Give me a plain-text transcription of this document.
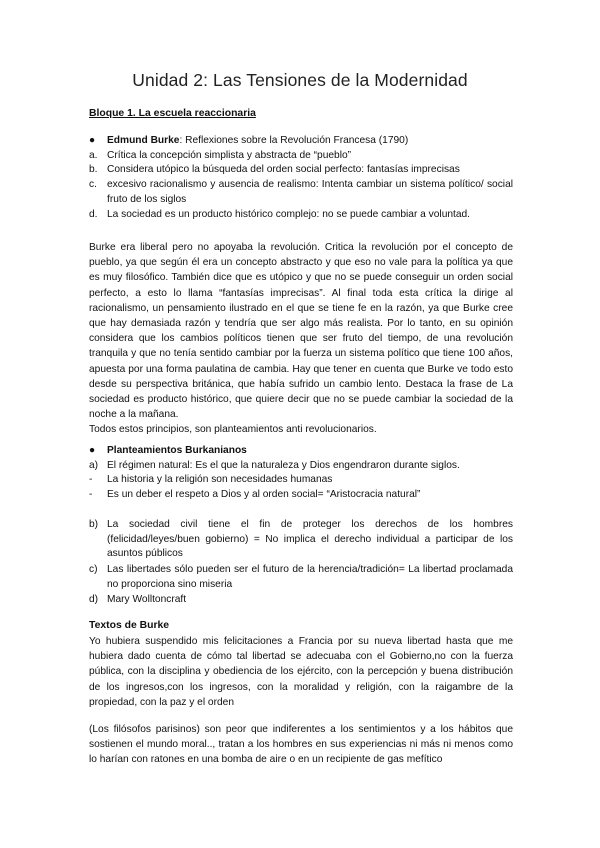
Unidad 2: Las Tensiones de la Modernidad
Bloque 1. La escuela reaccionaria
● Edmund Burke: Reflexiones sobre la Revolución Francesa (1790)
a. Crítica la concepción simplista y abstracta de “pueblo”
b. Considera utópico la búsqueda del orden social perfecto: fantasías imprecisas
c. excesivo racionalismo y ausencia de realismo: Intenta cambiar un sistema político/ social fruto de los siglos
d. La sociedad es un producto histórico complejo: no se puede cambiar a voluntad.
Burke era liberal pero no apoyaba la revolución. Critica la revolución por el concepto de pueblo, ya que según él era un concepto abstracto y que eso no vale para la política ya que es muy filosófico. También dice que es utópico y que no se puede conseguir un orden social perfecto, a esto lo llama “fantasías imprecisas”. Al final toda esta crítica la dirige al racionalismo, un pensamiento ilustrado en el que se tiene fe en la razón, ya que Burke cree que hay demasiada razón y tendría que ser algo más realista. Por lo tanto, en su opinión considera que los cambios políticos tienen que ser fruto del tiempo, de una revolución tranquila y que no tenía sentido cambiar por la fuerza un sistema político que tiene 100 años, apuesta por una forma paulatina de cambia. Hay que tener en cuenta que Burke ve todo esto desde su perspectiva británica, que había sufrido un cambio lento. Destaca la frase de La sociedad es producto histórico, que quiere decir que no se puede cambiar la sociedad de la noche a la mañana.
Todos estos principios, son planteamientos anti revolucionarios.
● Planteamientos Burkanianos
a) El régimen natural: Es el que la naturaleza y Dios engendraron durante siglos.
- La historia y la religión son necesidades humanas
- Es un deber el respeto a Dios y al orden social= “Aristocracia natural”
b) La sociedad civil tiene el fin de proteger los derechos de los hombres (felicidad/leyes/buen gobierno) = No implica el derecho individual a participar de los asuntos públicos
c) Las libertades sólo pueden ser el futuro de la herencia/tradición= La libertad proclamada no proporciona sino miseria
d) Mary Wolltoncraft
Textos de Burke
Yo hubiera suspendido mis felicitaciones a Francia por su nueva libertad hasta que me hubiera dado cuenta de cómo tal libertad se adecuaba con el Gobierno,no con la fuerza pública, con la disciplina y obediencia de los ejército, con la percepción y buena distribución de los ingresos,con los ingresos, con la moralidad y religión, con la raigambre de la propiedad, con la paz y el orden
(Los filósofos parisinos) son peor que indiferentes a los sentimientos y a los hábitos que sostienen el mundo moral.., tratan a los hombres en sus experiencias ni más ni menos como lo harían con ratones en una bomba de aire o en un recipiente de gas mefítico
